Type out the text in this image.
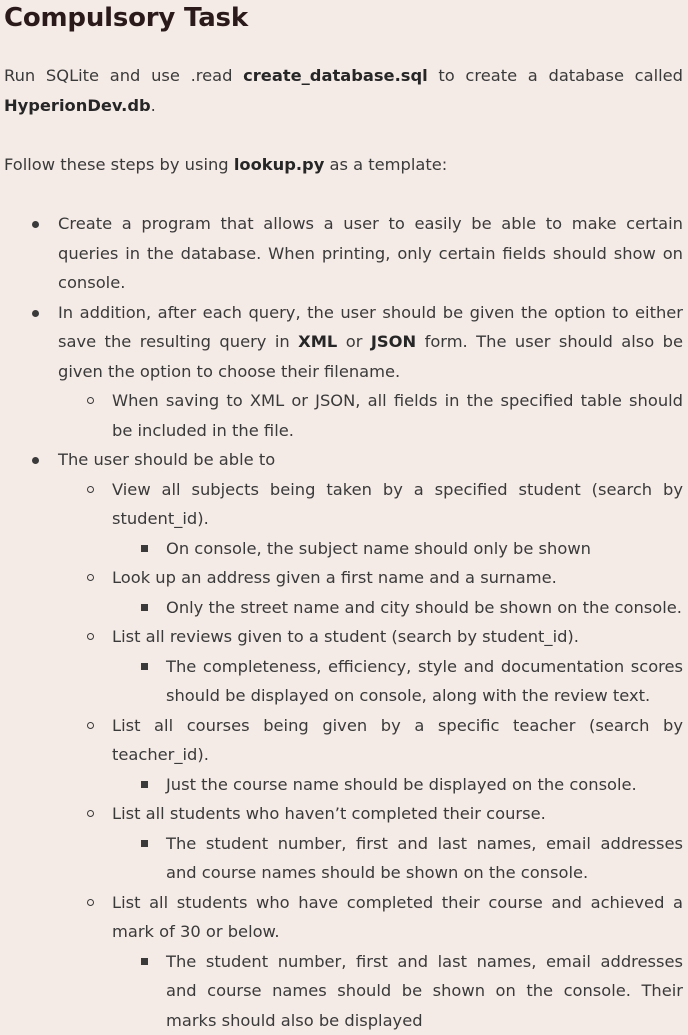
Compulsory Task

Run SQLite and use .read create_database.sql to create a database called HyperionDev.db.

Follow these steps by using lookup.py as a template:

Create a program that allows a user to easily be able to make certain queries in the database. When printing, only certain fields should show on console.
In addition, after each query, the user should be given the option to either save the resulting query in XML or JSON form. The user should also be given the option to choose their filename.
When saving to XML or JSON, all fields in the specified table should be included in the file.
The user should be able to
View all subjects being taken by a specified student (search by student_id).
On console, the subject name should only be shown
Look up an address given a first name and a surname.
Only the street name and city should be shown on the console.
List all reviews given to a student (search by student_id).
The completeness, efficiency, style and documentation scores should be displayed on console, along with the review text.
List all courses being given by a specific teacher (search by teacher_id).
Just the course name should be displayed on the console.
List all students who haven’t completed their course.
The student number, first and last names, email addresses and course names should be shown on the console.
List all students who have completed their course and achieved a mark of 30 or below.
The student number, first and last names, email addresses and course names should be shown on the console. Their marks should also be displayed
